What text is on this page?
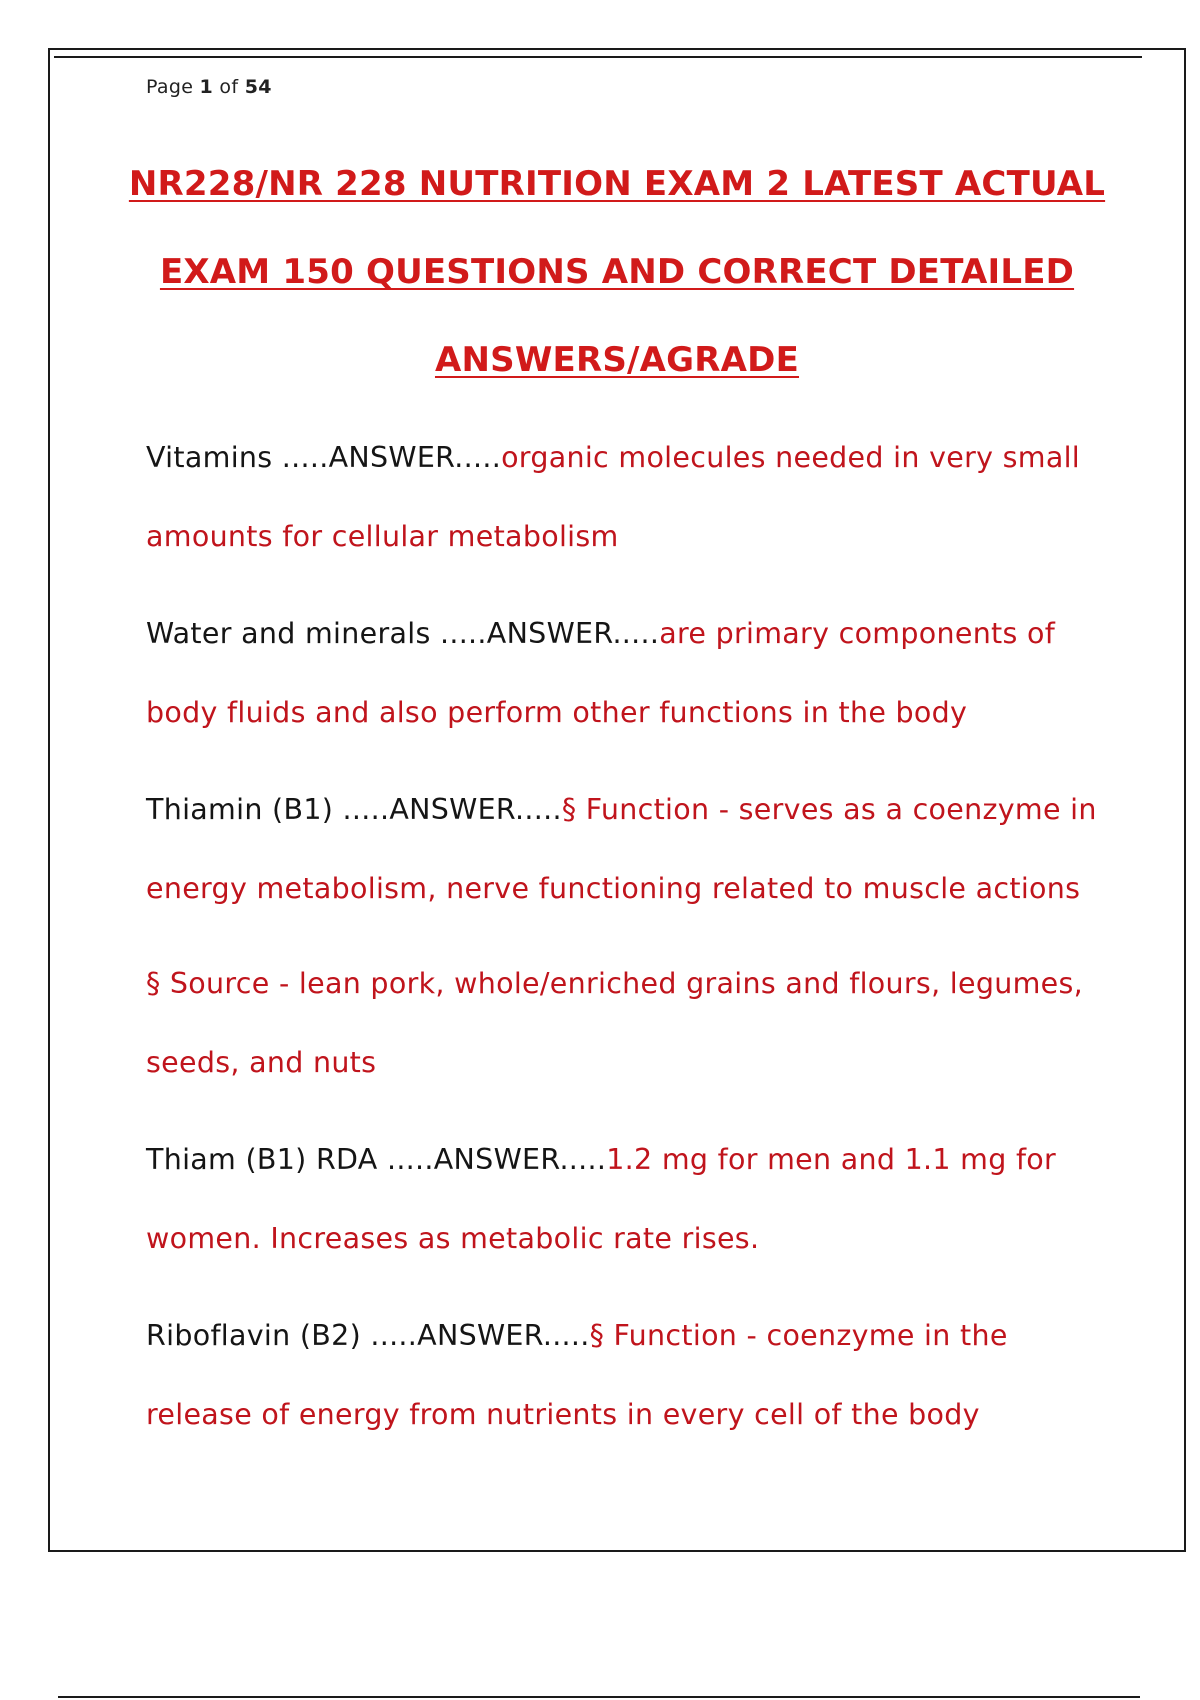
Page 1 of 54
NR228/NR 228 NUTRITION EXAM 2 LATEST ACTUAL
EXAM 150 QUESTIONS AND CORRECT DETAILED
ANSWERS/AGRADE
Vitamins .....ANSWER.....organic molecules needed in very small amounts for cellular metabolism
Water and minerals .....ANSWER.....are primary components of body fluids and also perform other functions in the body
Thiamin (B1) .....ANSWER.....§ Function - serves as a coenzyme in energy metabolism, nerve functioning related to muscle actions
§ Source - lean pork, whole/enriched grains and flours, legumes, seeds, and nuts
Thiam (B1) RDA .....ANSWER.....1.2 mg for men and 1.1 mg for women. Increases as metabolic rate rises.
Riboflavin (B2) .....ANSWER.....§ Function - coenzyme in the release of energy from nutrients in every cell of the body
